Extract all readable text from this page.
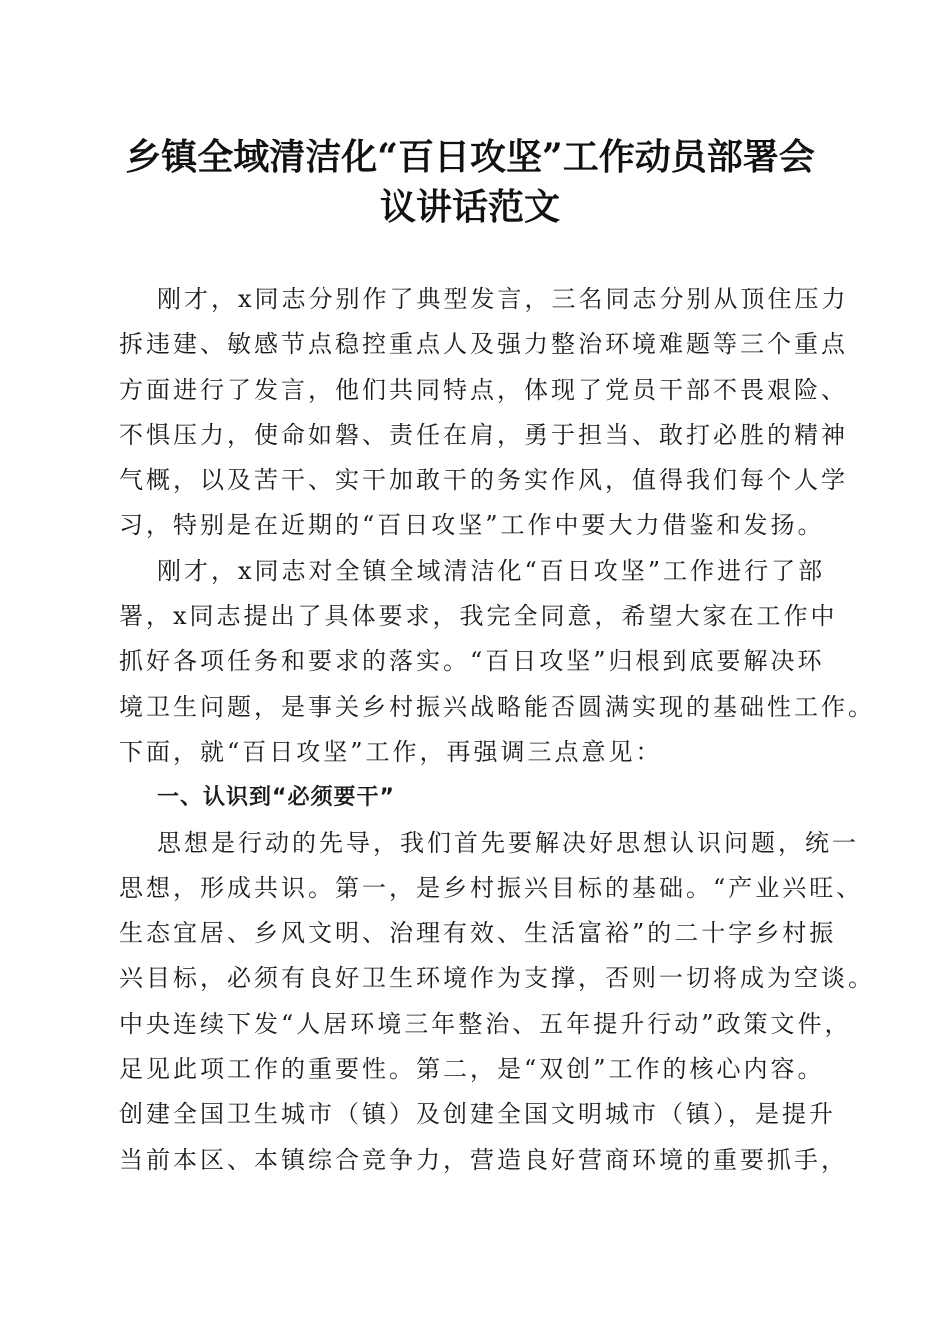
乡镇全域清洁化“百日攻坚”工作动员部署会
议讲话范文
刚才，x同志分别作了典型发言，三名同志分别从顶住压力
拆违建、敏感节点稳控重点人及强力整治环境难题等三个重点
方面进行了发言，他们共同特点，体现了党员干部不畏艰险、
不惧压力，使命如磐、责任在肩，勇于担当、敢打必胜的精神
气概，以及苦干、实干加敢干的务实作风，值得我们每个人学
习，特别是在近期的“百日攻坚”工作中要大力借鉴和发扬。
刚才，x同志对全镇全域清洁化“百日攻坚”工作进行了部
署，x同志提出了具体要求，我完全同意，希望大家在工作中
抓好各项任务和要求的落实。“百日攻坚”归根到底要解决环
境卫生问题，是事关乡村振兴战略能否圆满实现的基础性工作。
下面，就“百日攻坚”工作，再强调三点意见：
一、认识到“必须要干”
思想是行动的先导，我们首先要解决好思想认识问题，统一
思想，形成共识。第一，是乡村振兴目标的基础。“产业兴旺、
生态宜居、乡风文明、治理有效、生活富裕”的二十字乡村振
兴目标，必须有良好卫生环境作为支撑，否则一切将成为空谈。
中央连续下发“人居环境三年整治、五年提升行动”政策文件，
足见此项工作的重要性。第二，是“双创”工作的核心内容。
创建全国卫生城市（镇）及创建全国文明城市（镇），是提升
当前本区、本镇综合竞争力，营造良好营商环境的重要抓手，
